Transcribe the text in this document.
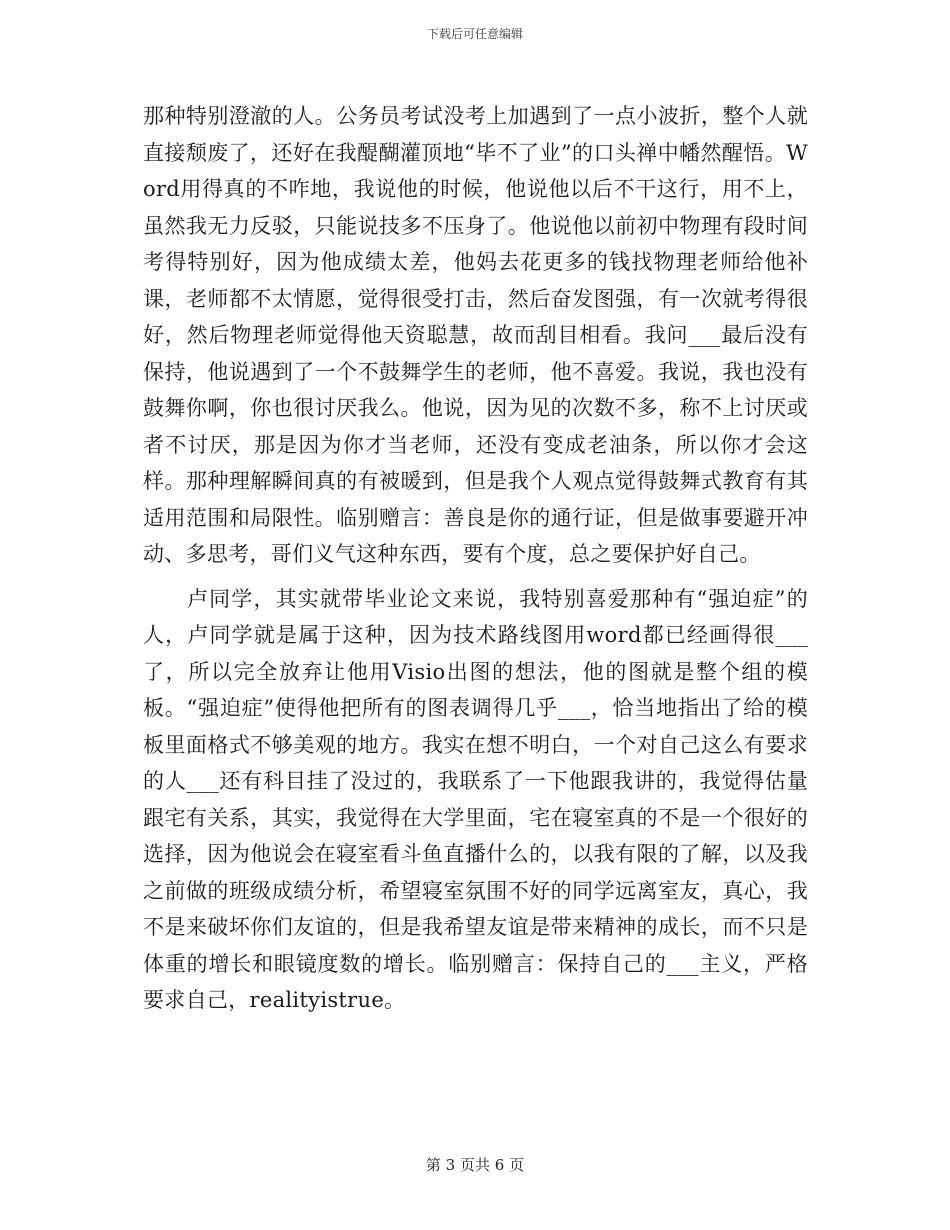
下载后可任意编辑

那种特别澄澈的人。公务员考试没考上加遇到了一点小波折，整个人就直接颓废了，还好在我醍醐灌顶地“毕不了业”的口头禅中幡然醒悟。Word用得真的不咋地，我说他的时候，他说他以后不干这行，用不上，虽然我无力反驳，只能说技多不压身了。他说他以前初中物理有段时间考得特别好，因为他成绩太差，他妈去花更多的钱找物理老师给他补课，老师都不太情愿，觉得很受打击，然后奋发图强，有一次就考得很好，然后物理老师觉得他天资聪慧，故而刮目相看。我问___最后没有保持，他说遇到了一个不鼓舞学生的老师，他不喜爱。我说，我也没有鼓舞你啊，你也很讨厌我么。他说，因为见的次数不多，称不上讨厌或者不讨厌，那是因为你才当老师，还没有变成老油条，所以你才会这样。那种理解瞬间真的有被暖到，但是我个人观点觉得鼓舞式教育有其适用范围和局限性。临别赠言：善良是你的通行证，但是做事要避开冲动、多思考，哥们义气这种东西，要有个度，总之要保护好自己。

卢同学，其实就带毕业论文来说，我特别喜爱那种有“强迫症”的人，卢同学就是属于这种，因为技术路线图用word都已经画得很___了，所以完全放弃让他用Visio出图的想法，他的图就是整个组的模板。“强迫症”使得他把所有的图表调得几乎___，恰当地指出了给的模板里面格式不够美观的地方。我实在想不明白，一个对自己这么有要求的人___还有科目挂了没过的，我联系了一下他跟我讲的，我觉得估量跟宅有关系，其实，我觉得在大学里面，宅在寝室真的不是一个很好的选择，因为他说会在寝室看斗鱼直播什么的，以我有限的了解，以及我之前做的班级成绩分析，希望寝室氛围不好的同学远离室友，真心，我不是来破坏你们友谊的，但是我希望友谊是带来精神的成长，而不只是体重的增长和眼镜度数的增长。临别赠言：保持自己的___主义，严格要求自己，realityistrue。

第 3 页共 6 页
